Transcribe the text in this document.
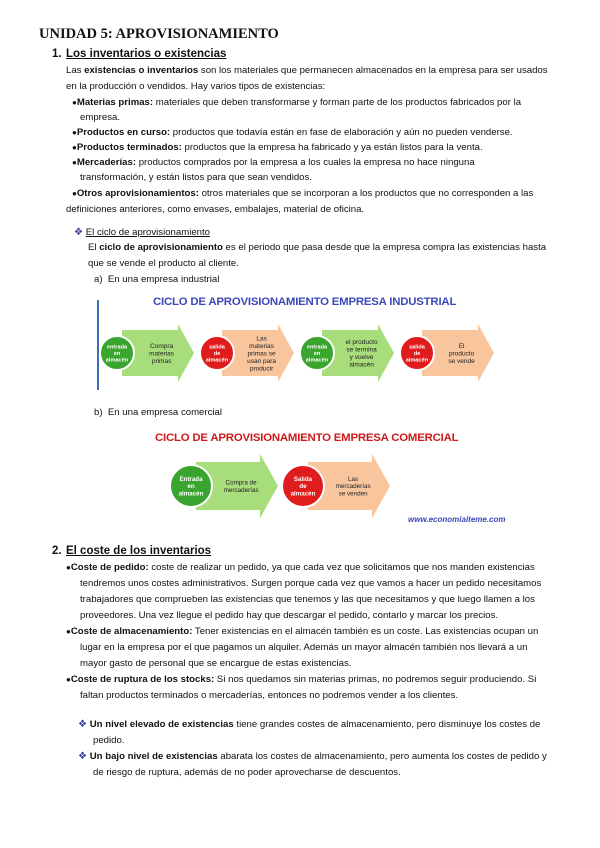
UNIDAD 5: APROVISIONAMIENTO
1. Los inventarios o existencias

Las existencias o inventarios son los materiales que permanecen almacenados en la empresa para ser usados

en la producción o vendidos. Hay varios tipos de existencias:

●Materias primas: materiales que deben transformarse y forman parte de los productos fabricados por la

empresa.

●Productos en curso: productos que todavía están en fase de elaboración y aún no pueden venderse.

●Productos terminados: productos que la empresa ha fabricado y ya están listos para la venta.

●Mercaderías: productos comprados por la empresa a los cuales la empresa no hace ninguna

transformación, y están listos para que sean vendidos.

●Otros aprovisionamientos: otros materiales que se incorporan a los productos que no corresponden a las

definiciones anteriores, como envases, embalajes, material de oficina.

❖ El ciclo de aprovisionamiento

El ciclo de aprovisionamiento es el periodo que pasa desde que la empresa compra las existencias hasta

que se vende el producto al cliente.

a) En una empresa industrial

CICLO DE APROVISIONAMIENTO EMPRESA INDUSTRIAL
Compra
materias
primas
entrada
en
almacén
Las
materias
primas se
usan para
producir
salida
de
almacén
el producto
se termina
y vuelve
almacén
entrada
en
almacén
El
producto
se vende
salida
de
almacén

b) En una empresa comercial

CICLO DE APROVISIONAMIENTO EMPRESA COMERCIAL
Compra de
mercaderías
Entrada
en
almacén
Las
mercaderías
se venden
Salida
de
almacén
www.economiaiteme.com
2. El coste de los inventarios

●Coste de pedido: coste de realizar un pedido, ya que cada vez que solicitamos que nos manden existencias

tendremos unos costes administrativos. Surgen porque cada vez que vamos a hacer un pedido necesitamos

trabajadores que comprueben las existencias que tenemos y las que necesitamos y que luego llamen a los

proveedores. Una vez llegue el pedido hay que descargar el pedido, contarlo y marcar los precios.

●Coste de almacenamiento: Tener existencias en el almacén también es un coste. Las existencias ocupan un

lugar en la empresa por el que pagamos un alquiler. Además un mayor almacén también nos llevará a un

mayor gasto de personal que se encargue de estas existencias.

●Coste de ruptura de los stocks: Si nos quedamos sin materias primas, no podremos seguir produciendo. Si

faltan productos terminados o mercaderías, entonces no podremos vender a los clientes.

❖ Un nivel elevado de existencias tiene grandes costes de almacenamiento, pero disminuye los costes de

pedido.

❖ Un bajo nivel de existencias abarata los costes de almacenamiento, pero aumenta los costes de pedido y

de riesgo de ruptura, además de no poder aprovecharse de descuentos.
